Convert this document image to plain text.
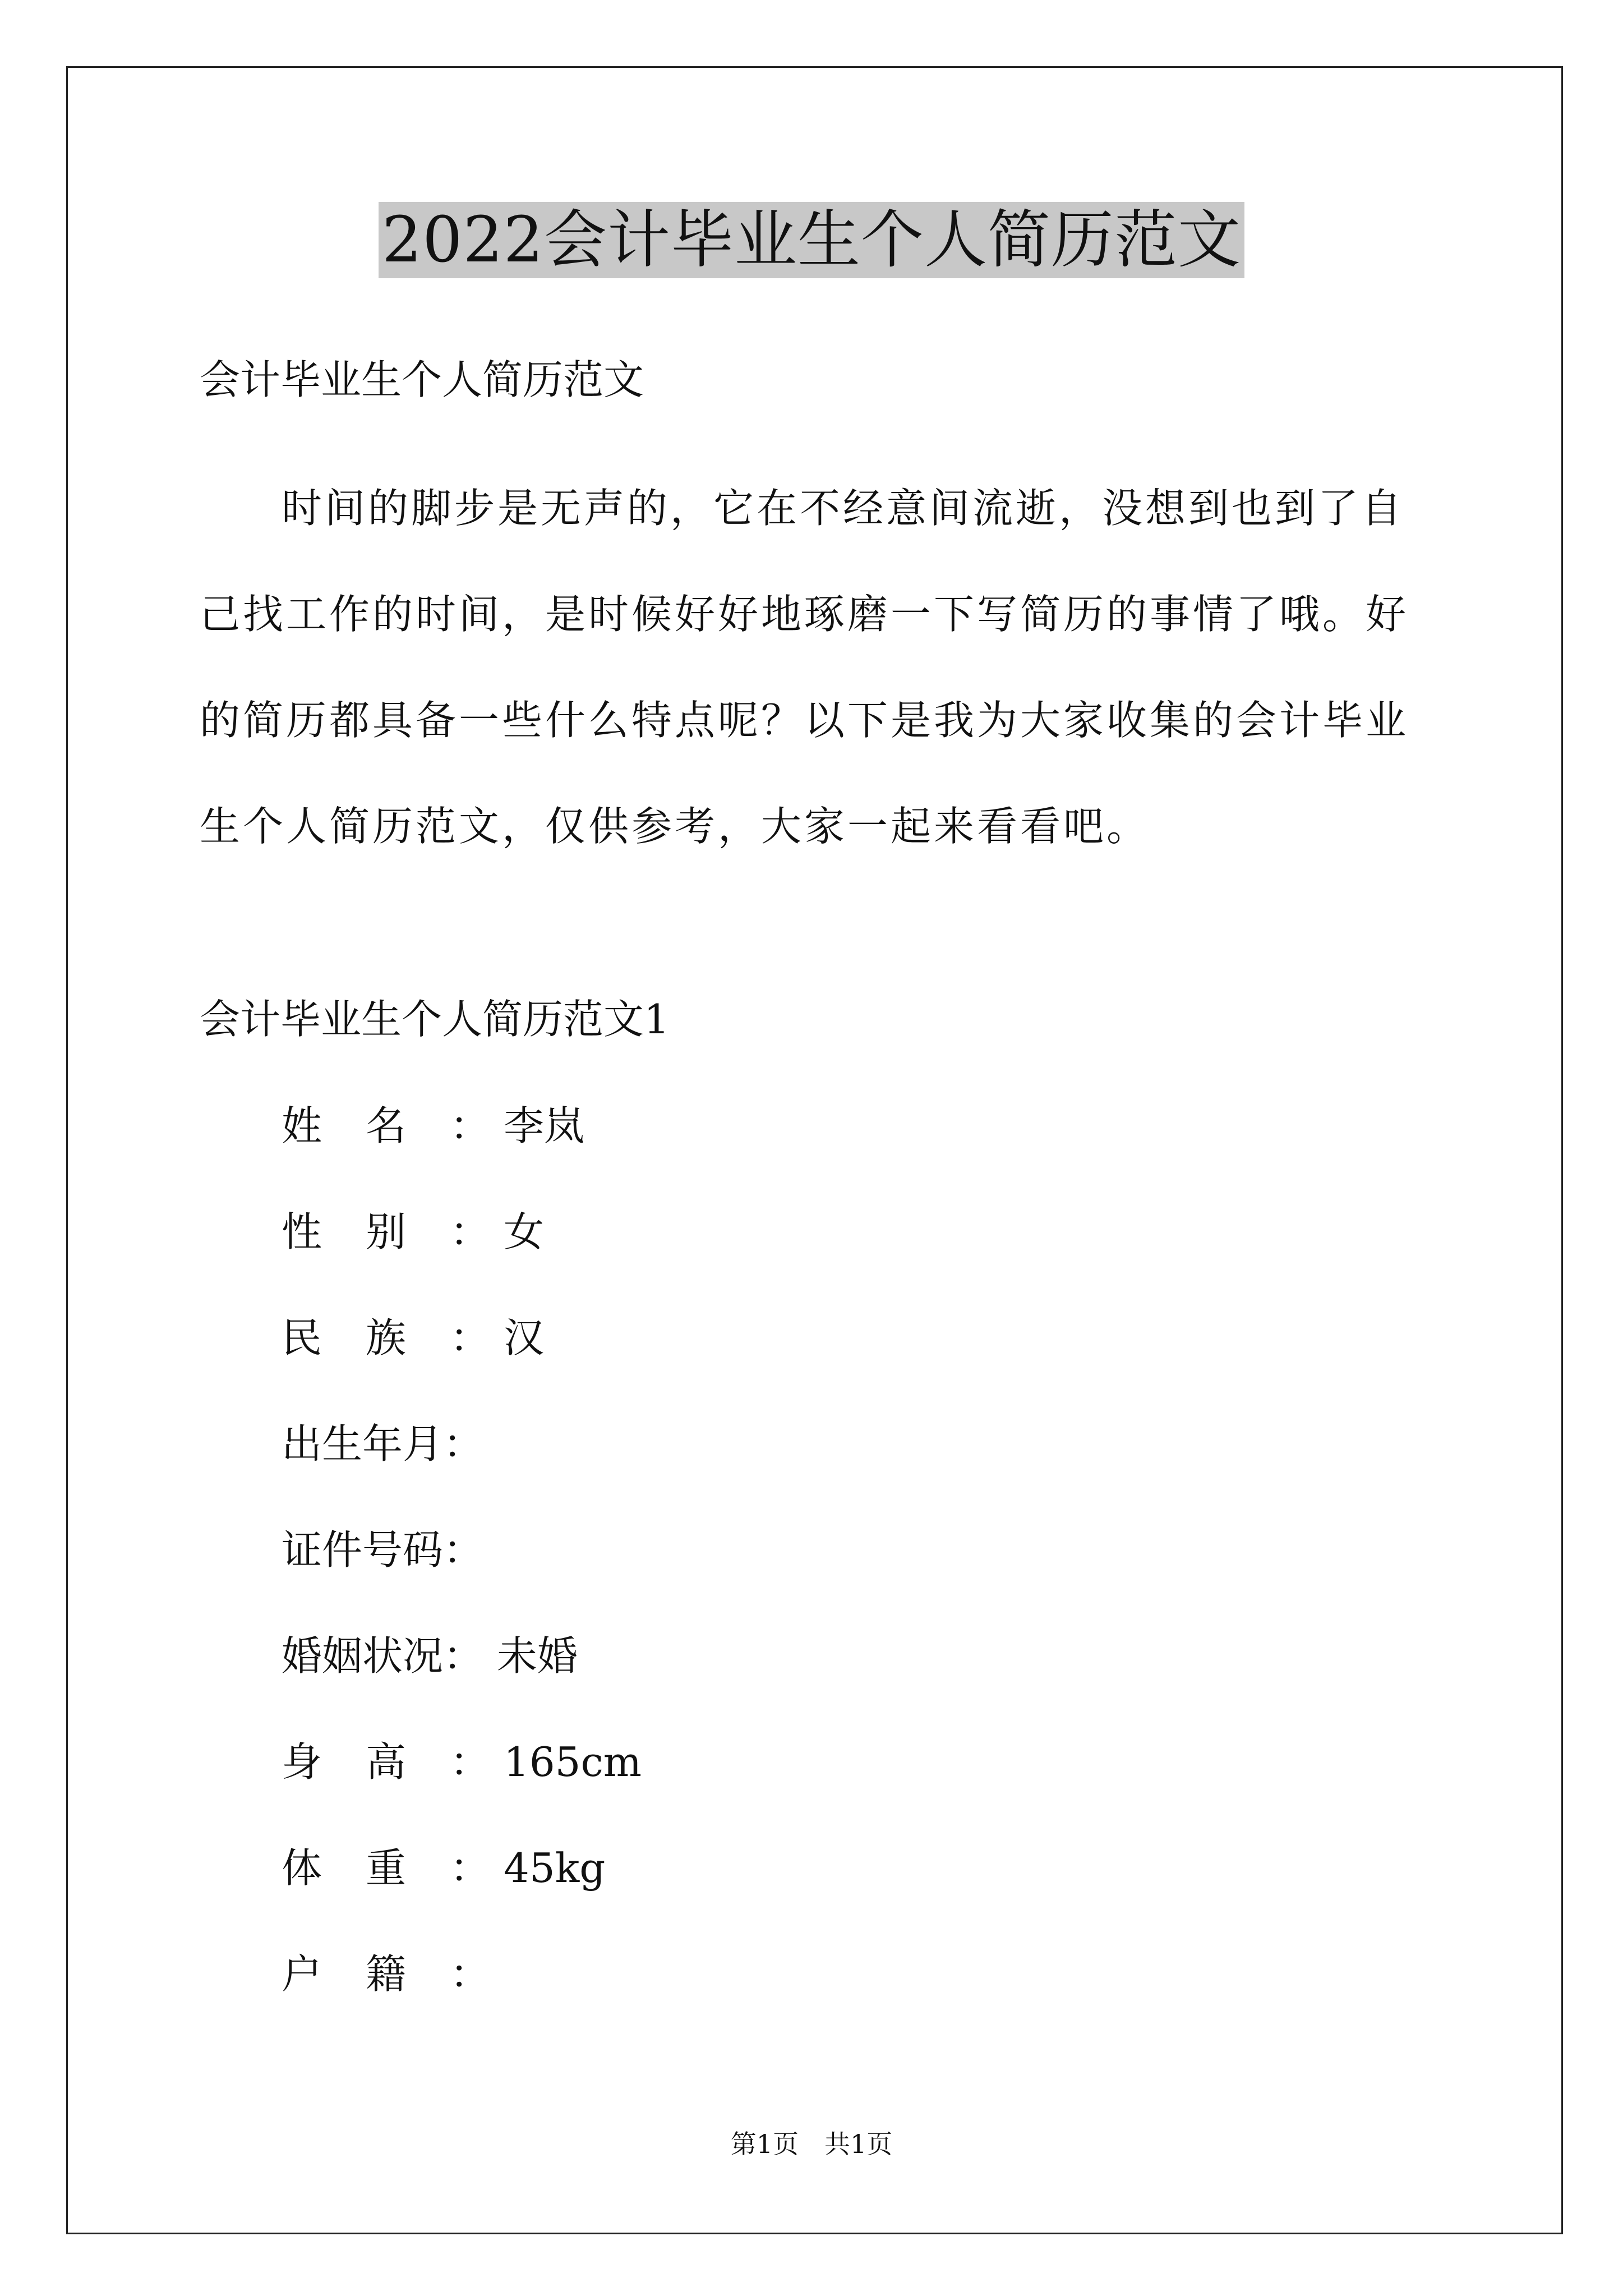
2022会计毕业生个人简历范文
会计毕业生个人简历范文
时间的脚步是无声的，它在不经意间流逝，没想到也到了自己找工作的时间，是时候好好地琢磨一下写简历的事情了哦。好的简历都具备一些什么特点呢？以下是我为大家收集的会计毕业生个人简历范文，仅供参考，大家一起来看看吧。
会计毕业生个人简历范文1
姓名： 李岚
性别： 女
民族： 汉
出生年月：
证件号码：
婚姻状况： 未婚
身高： 165cm
体重： 45kg
户籍：
第1页　共1页
